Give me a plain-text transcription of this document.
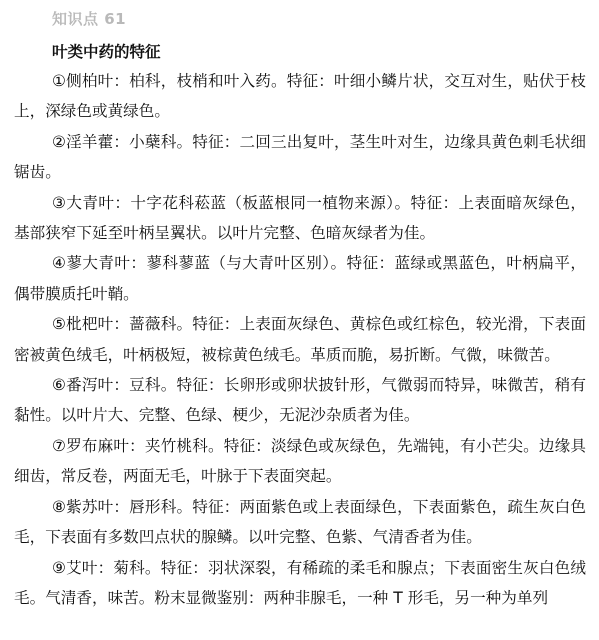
知识点 61
叶类中药的特征

①侧柏叶：柏科，枝梢和叶入药。特征：叶细小鳞片状，交互对生，贴伏于枝上，深绿色或黄绿色。

②淫羊藿：小蘖科。特征：二回三出复叶，茎生叶对生，边缘具黄色刺毛状细锯齿。

③大青叶：十字花科菘蓝（板蓝根同一植物来源）。特征：上表面暗灰绿色，基部狭窄下延至叶柄呈翼状。以叶片完整、色暗灰绿者为佳。

④蓼大青叶：蓼科蓼蓝（与大青叶区别）。特征：蓝绿或黑蓝色，叶柄扁平，偶带膜质托叶鞘。

⑤枇杷叶：蔷薇科。特征：上表面灰绿色、黄棕色或红棕色，较光滑，下表面密被黄色绒毛，叶柄极短，被棕黄色绒毛。革质而脆，易折断。气微，味微苦。

⑥番泻叶：豆科。特征：长卵形或卵状披针形，气微弱而特异，味微苦，稍有黏性。以叶片大、完整、色绿、梗少，无泥沙杂质者为佳。

⑦罗布麻叶：夹竹桃科。特征：淡绿色或灰绿色，先端钝，有小芒尖。边缘具细齿，常反卷，两面无毛，叶脉于下表面突起。

⑧紫苏叶：唇形科。特征：两面紫色或上表面绿色，下表面紫色，疏生灰白色毛，下表面有多数凹点状的腺鳞。以叶完整、色紫、气清香者为佳。

⑨艾叶：菊科。特征：羽状深裂，有稀疏的柔毛和腺点；下表面密生灰白色绒毛。气清香，味苦。粉末显微鉴别：两种非腺毛，一种 T 形毛，另一种为单列
